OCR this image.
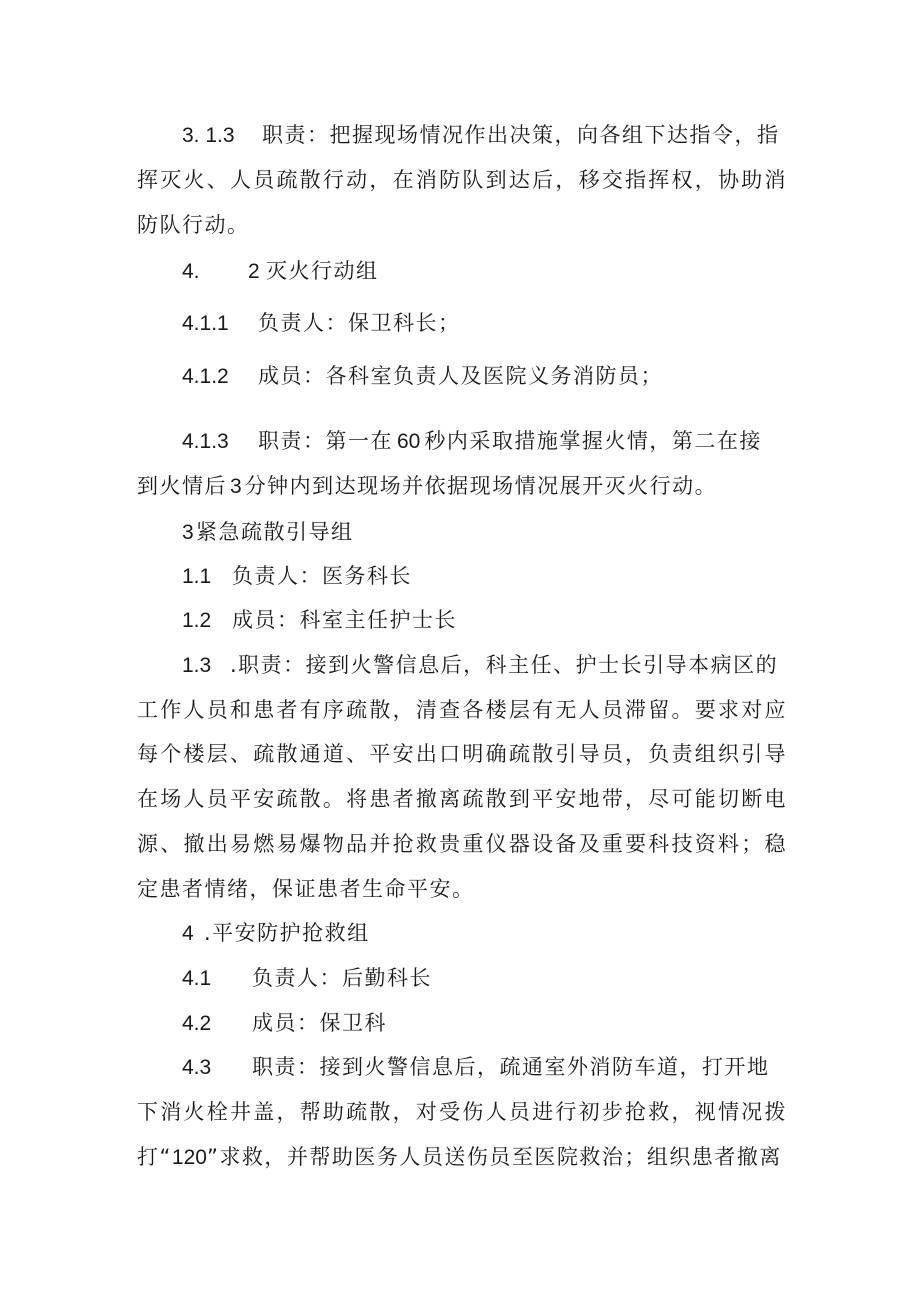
3. 1.3 职责：把握现场情况作出决策，向各组下达指令，指
挥灭火、人员疏散行动，在消防队到达后，移交指挥权，协助消
防队行动。
4. 2 灭火行动组
4.1.1 负责人：保卫科长；
4.1.2 成员：各科室负责人及医院义务消防员；
4.1.3 职责：第一在 60 秒内采取措施掌握火情，第二在接
到火情后 3 分钟内到达现场并依据现场情况展开灭火行动。
3 紧急疏散引导组
1.1 负责人：医务科长
1.2 成员：科室主任护士长
1.3 .职责：接到火警信息后，科主任、护士长引导本病区的
工作人员和患者有序疏散，清查各楼层有无人员滞留。要求对应
每个楼层、疏散通道、平安出口明确疏散引导员，负责组织引导
在场人员平安疏散。将患者撤离疏散到平安地带，尽可能切断电
源、撤出易燃易爆物品并抢救贵重仪器设备及重要科技资料；稳
定患者情绪，保证患者生命平安。
4 .平安防护抢救组
4.1 负责人：后勤科长
4.2 成员：保卫科
4.3 职责：接到火警信息后，疏通室外消防车道，打开地
下消火栓井盖，帮助疏散，对受伤人员进行初步抢救，视情况拨
打“120”求救，并帮助医务人员送伤员至医院救治；组织患者撤离
